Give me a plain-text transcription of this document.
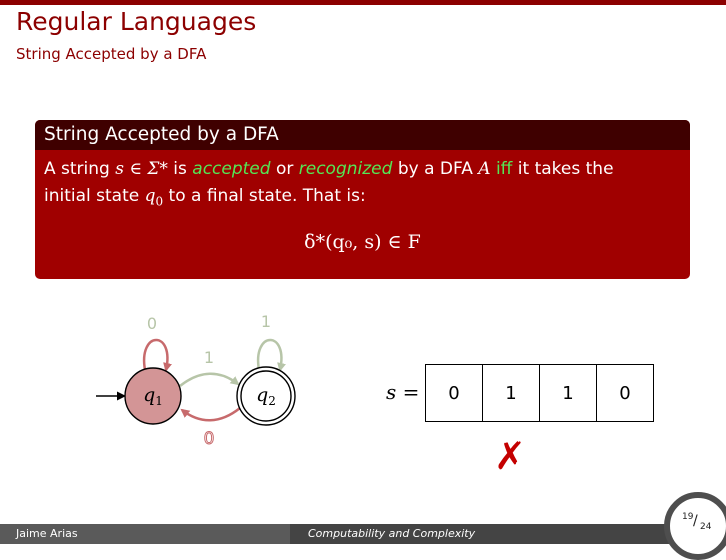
Regular Languages
String Accepted by a DFA
String Accepted by a DFA
A string s ∈ Σ* is accepted or recognized by a DFA A iff it takes the
initial state $q_0$ to a final state. That is:
δ*(q₀, s) ∈ F
0	1
1
0
$q_1$	$q_2$	s =	0	1	1	0
✗
Jaime Arias	Computability and Complexity
19 / 24
